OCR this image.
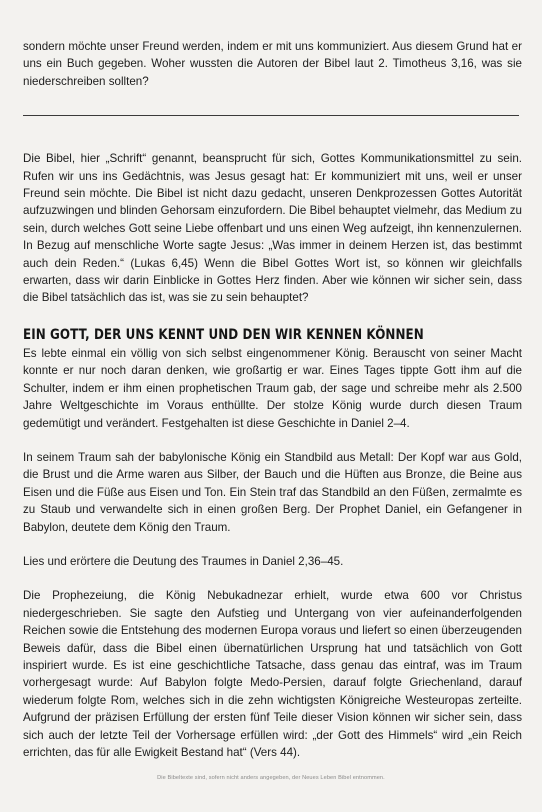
sondern möchte unser Freund werden, indem er mit uns kommuniziert. Aus diesem Grund hat er uns ein Buch gegeben. Woher wussten die Autoren der Bibel laut 2. Timotheus 3,16, was sie niederschreiben sollten?

Die Bibel, hier „Schrift“ genannt, beansprucht für sich, Gottes Kommunikationsmittel zu sein. Rufen wir uns ins Gedächtnis, was Jesus gesagt hat: Er kommuniziert mit uns, weil er unser Freund sein möchte. Die Bibel ist nicht dazu gedacht, unseren Denkprozessen Gottes Autorität aufzuzwingen und blinden Gehorsam einzufordern. Die Bibel behauptet vielmehr, das Medium zu sein, durch welches Gott seine Liebe offenbart und uns einen Weg aufzeigt, ihn kennenzulernen. In Bezug auf menschliche Worte sagte Jesus: „Was immer in deinem Herzen ist, das bestimmt auch dein Reden.“ (Lukas 6,45) Wenn die Bibel Gottes Wort ist, so können wir gleichfalls erwarten, dass wir darin Einblicke in Gottes Herz finden. Aber wie können wir sicher sein, dass die Bibel tatsächlich das ist, was sie zu sein behauptet?

EIN GOTT, DER UNS KENNT UND DEN WIR KENNEN KÖNNEN

Es lebte einmal ein völlig von sich selbst eingenommener König. Berauscht von seiner Macht konnte er nur noch daran denken, wie großartig er war. Eines Tages tippte Gott ihm auf die Schulter, indem er ihm einen prophetischen Traum gab, der sage und schreibe mehr als 2.500 Jahre Weltgeschichte im Voraus enthüllte. Der stolze König wurde durch diesen Traum gedemütigt und verändert. Festgehalten ist diese Geschichte in Daniel 2–4.

In seinem Traum sah der babylonische König ein Standbild aus Metall: Der Kopf war aus Gold, die Brust und die Arme waren aus Silber, der Bauch und die Hüften aus Bronze, die Beine aus Eisen und die Füße aus Eisen und Ton. Ein Stein traf das Standbild an den Füßen, zermalmte es zu Staub und verwandelte sich in einen großen Berg. Der Prophet Daniel, ein Gefangener in Babylon, deutete dem König den Traum.

Lies und erörtere die Deutung des Traumes in Daniel 2,36–45.

Die Prophezeiung, die König Nebukadnezar erhielt, wurde etwa 600 vor Christus niedergeschrieben. Sie sagte den Aufstieg und Untergang von vier aufeinanderfolgenden Reichen sowie die Entstehung des modernen Europa voraus und liefert so einen überzeugenden Beweis dafür, dass die Bibel einen übernatürlichen Ursprung hat und tatsächlich von Gott inspiriert wurde. Es ist eine geschichtliche Tatsache, dass genau das eintraf, was im Traum vorhergesagt wurde: Auf Babylon folgte Medo-Persien, darauf folgte Griechenland, darauf wiederum folgte Rom, welches sich in die zehn wichtigsten Königreiche Westeuropas zerteilte. Aufgrund der präzisen Erfüllung der ersten fünf Teile dieser Vision können wir sicher sein, dass sich auch der letzte Teil der Vorhersage erfüllen wird: „der Gott des Himmels“ wird „ein Reich errichten, das für alle Ewigkeit Bestand hat“ (Vers 44).

Die Bibeltexte sind, sofern nicht anders angegeben, der Neues Leben Bibel entnommen.
